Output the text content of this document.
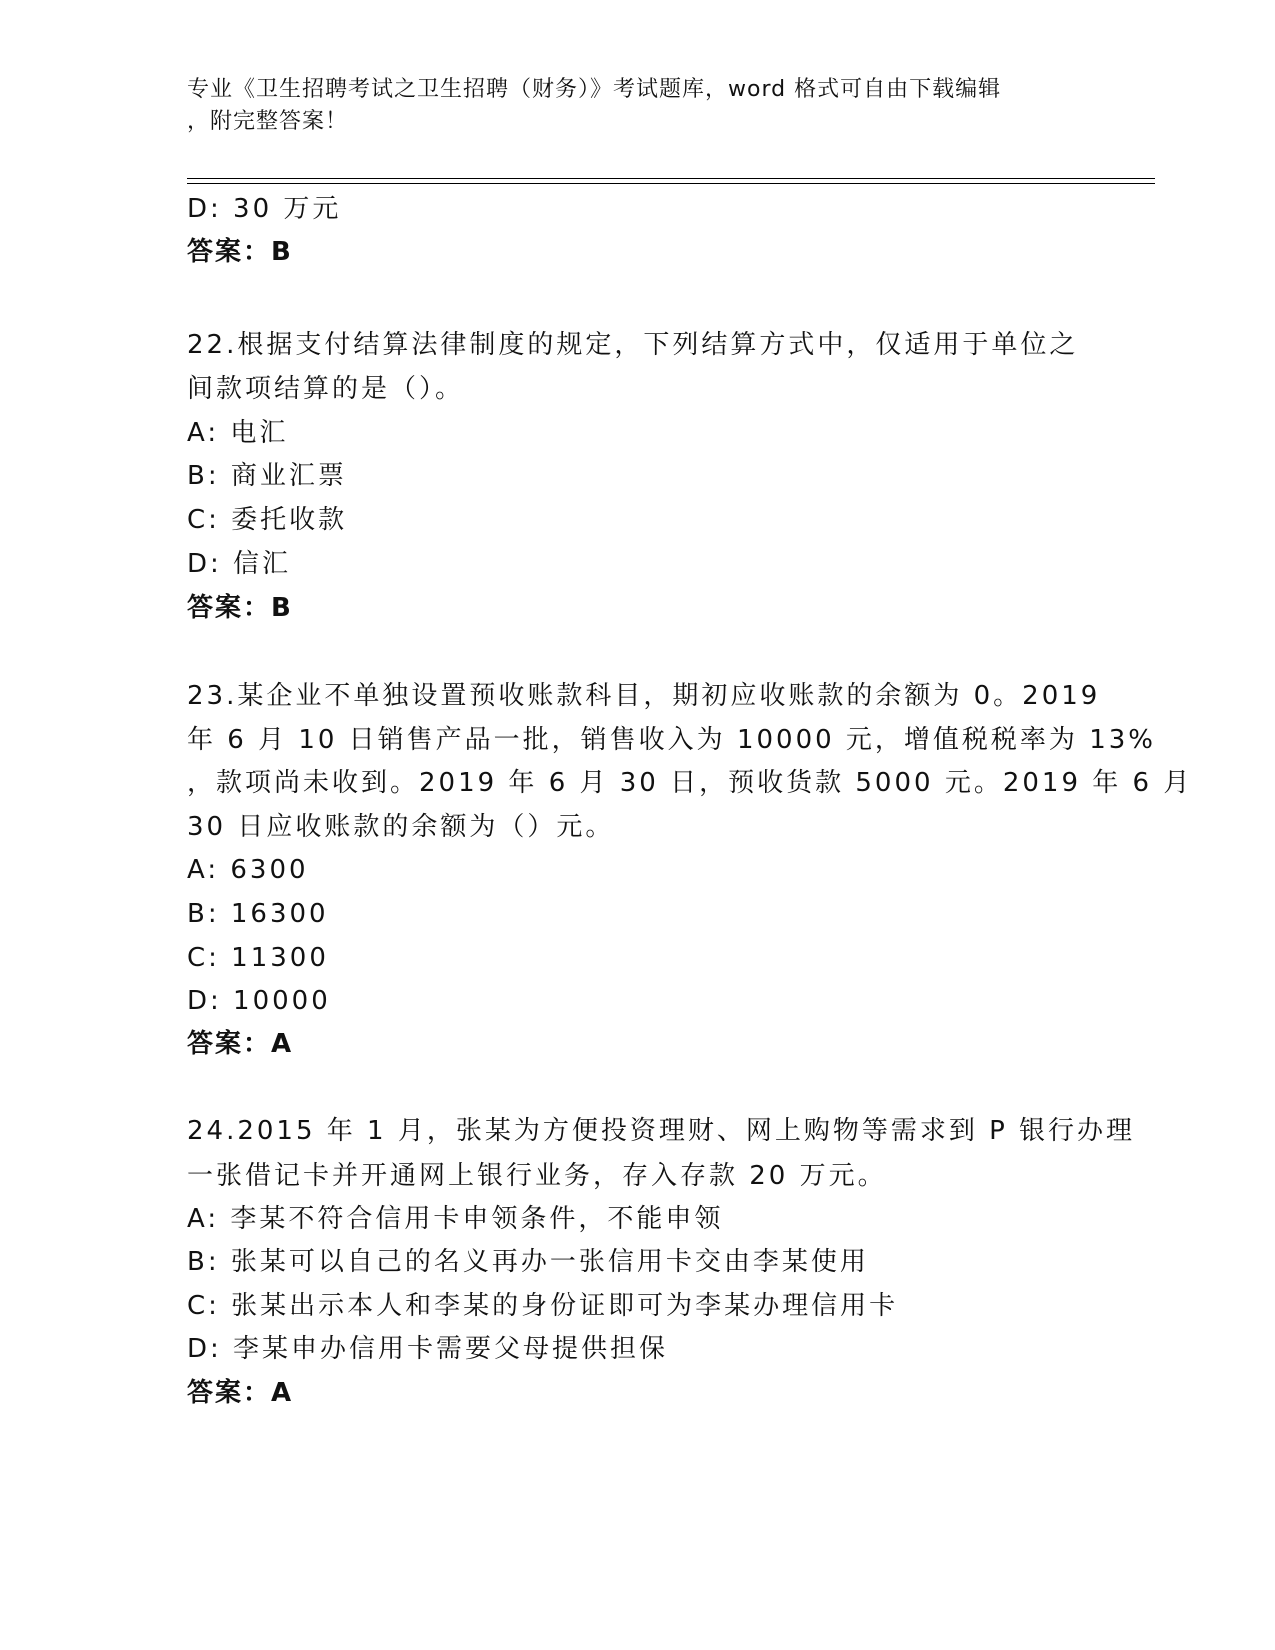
专业《卫生招聘考试之卫生招聘（财务）》考试题库，word 格式可自由下载编辑
，附完整答案！
D: 30 万元
答案：B
22.根据支付结算法律制度的规定，下列结算方式中，仅适用于单位之
间款项结算的是（）。
A: 电汇
B: 商业汇票
C: 委托收款
D: 信汇
答案：B
23.某企业不单独设置预收账款科目，期初应收账款的余额为 0。2019
年 6 月 10 日销售产品一批，销售收入为 10000 元，增值税税率为 13%
，款项尚未收到。2019 年 6 月 30 日，预收货款 5000 元。2019 年 6 月
30 日应收账款的余额为（）元。
A: 6300
B: 16300
C: 11300
D: 10000
答案：A
24.2015 年 1 月，张某为方便投资理财、网上购物等需求到 P 银行办理
一张借记卡并开通网上银行业务，存入存款 20 万元。
A: 李某不符合信用卡申领条件，不能申领
B: 张某可以自己的名义再办一张信用卡交由李某使用
C: 张某出示本人和李某的身份证即可为李某办理信用卡
D: 李某申办信用卡需要父母提供担保
答案：A
